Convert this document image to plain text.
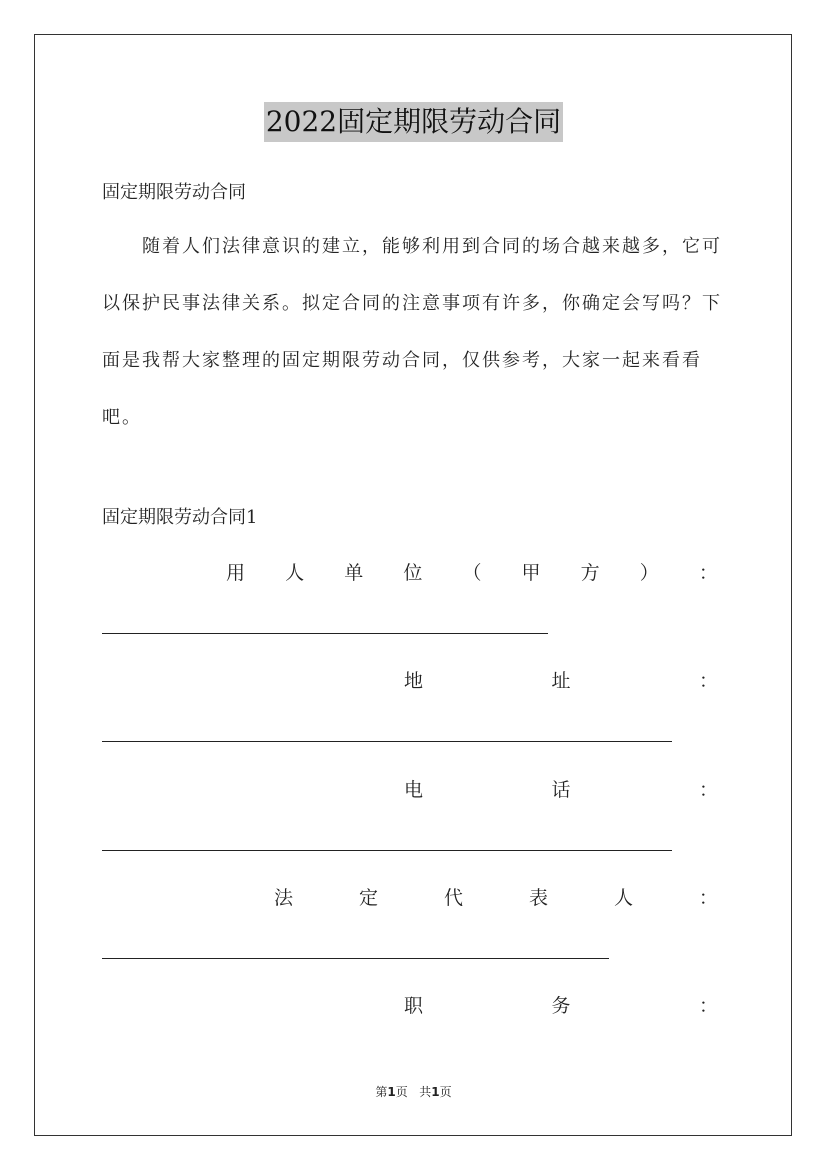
2022固定期限劳动合同
固定期限劳动合同
随着人们法律意识的建立，能够利用到合同的场合越来越多，它可以保护民事法律关系。拟定合同的注意事项有许多，你确定会写吗？下面是我帮大家整理的固定期限劳动合同，仅供参考，大家一起来看看吧。
固定期限劳动合同1
用 人 单 位 （ 甲 方 ） ：
地	址	：
电	话	：
法	定	代	表	人	：
职	务	：
第1页 共1页
